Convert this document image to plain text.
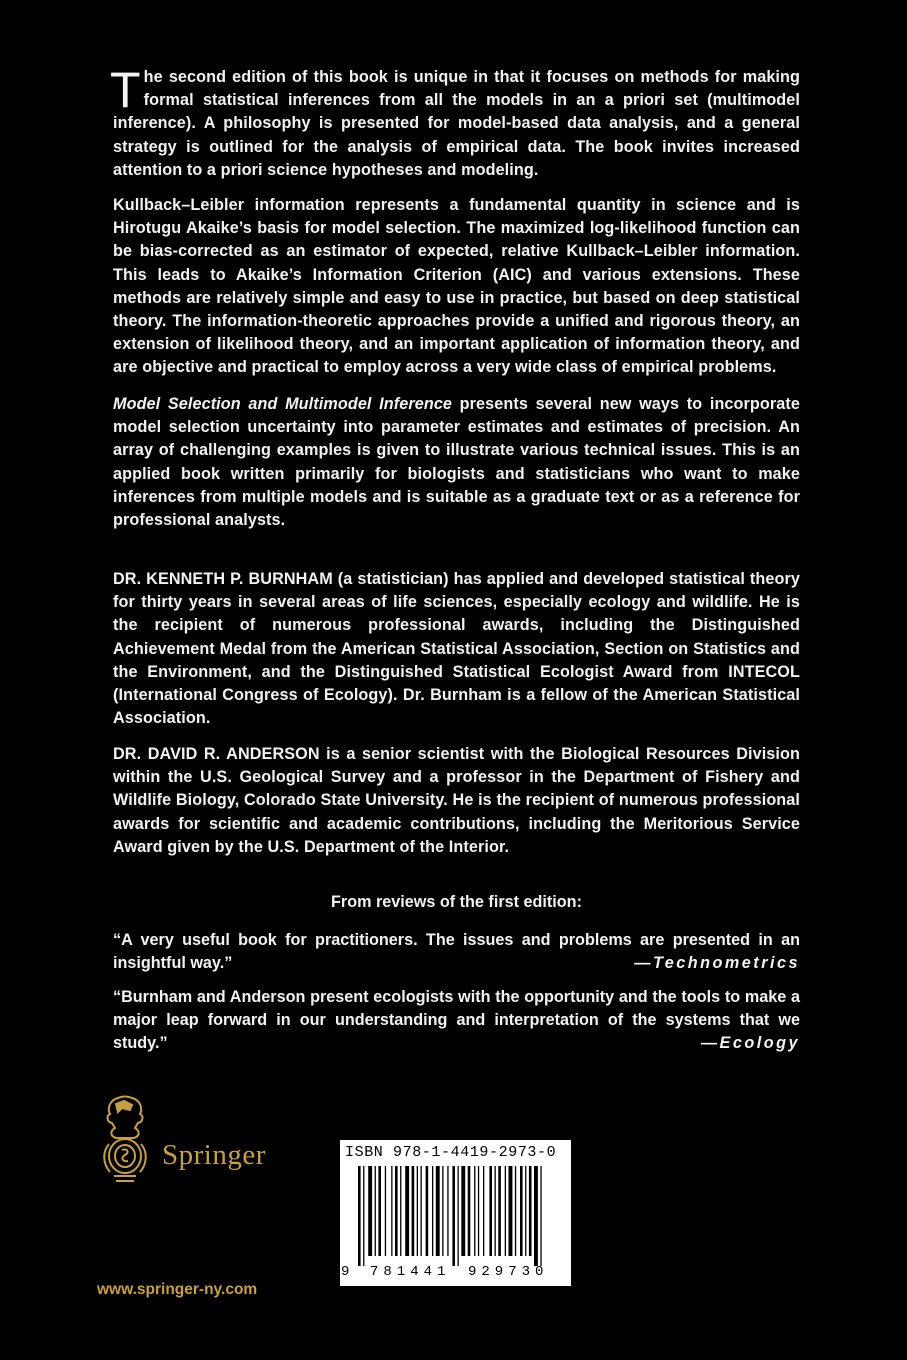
The second edition of this book is unique in that it focuses on methods for making formal statistical inferences from all the models in an a priori set (multimodel inference). A philosophy is presented for model-based data analysis, and a general strategy is outlined for the analysis of empirical data. The book invites increased attention to a priori science hypotheses and modeling.

Kullback–Leibler information represents a fundamental quantity in science and is Hirotugu Akaike’s basis for model selection. The maximized log-likelihood function can be bias-corrected as an estimator of expected, relative Kullback–Leibler information. This leads to Akaike’s Information Criterion (AIC) and various extensions. These methods are relatively simple and easy to use in practice, but based on deep statistical theory. The information-theoretic approaches provide a unified and rigorous theory, an extension of likelihood theory, and an important application of information theory, and are objective and practical to employ across a very wide class of empirical problems.

Model Selection and Multimodel Inference presents several new ways to incorporate model selection uncertainty into parameter estimates and estimates of precision. An array of challenging examples is given to illustrate various technical issues. This is an applied book written primarily for biologists and statisticians who want to make inferences from multiple models and is suitable as a graduate text or as a reference for professional analysts.

DR. KENNETH P. BURNHAM (a statistician) has applied and developed statistical theory for thirty years in several areas of life sciences, especially ecology and wildlife. He is the recipient of numerous professional awards, including the Distinguished Achievement Medal from the American Statistical Association, Section on Statistics and the Environment, and the Distinguished Statistical Ecologist Award from INTECOL (International Congress of Ecology). Dr. Burnham is a fellow of the American Statistical Association.

DR. DAVID R. ANDERSON is a senior scientist with the Biological Resources Division within the U.S. Geological Survey and a professor in the Department of Fishery and Wildlife Biology, Colorado State University. He is the recipient of numerous professional awards for scientific and academic contributions, including the Meritorious Service Award given by the U.S. Department of the Interior.

From reviews of the first edition:

“A very useful book for practitioners. The issues and problems are presented in an insightful way.”	—Technometrics
“Burnham and Anderson present ecologists with the opportunity and the tools to make a major leap forward in our understanding and interpretation of the systems that we study.”	—Ecology
Springer
www.springer-ny.com
ISBN 978-1-4419-2973-0
9 781441 929730
